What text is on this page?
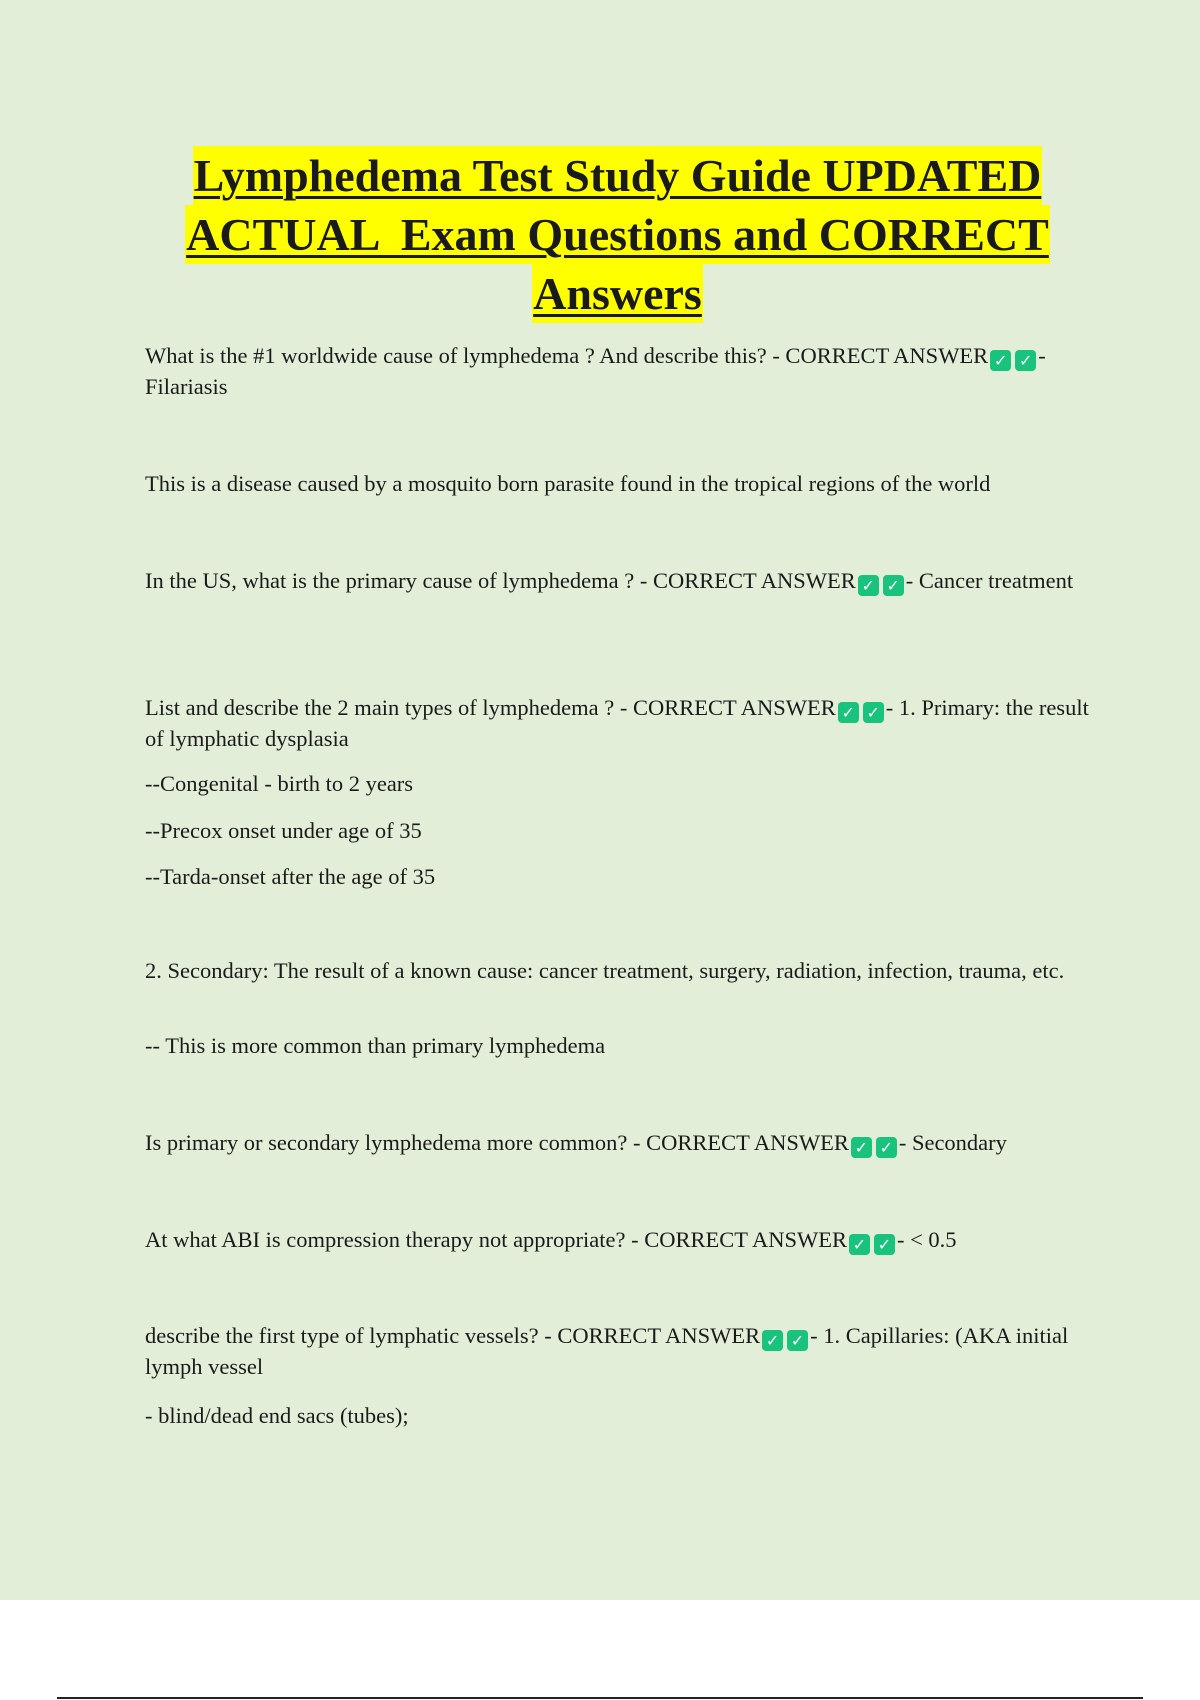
Lymphedema Test Study Guide UPDATED
ACTUAL  Exam Questions and CORRECT
Answers

What is the #1 worldwide cause of lymphedema ? And describe this? - CORRECT ANSWER ✓ ✓ - Filariasis

This is a disease caused by a mosquito born parasite found in the tropical regions of the world

In the US, what is the primary cause of lymphedema ? - CORRECT ANSWER ✓ ✓ - Cancer treatment

List and describe the 2 main types of lymphedema ? - CORRECT ANSWER ✓ ✓ - 1. Primary: the result of lymphatic dysplasia

--Congenital - birth to 2 years

--Precox onset under age of 35

--Tarda-onset after the age of 35

2. Secondary: The result of a known cause: cancer treatment, surgery, radiation, infection, trauma, etc.

-- This is more common than primary lymphedema

Is primary or secondary lymphedema more common? - CORRECT ANSWER ✓ ✓ - Secondary

At what ABI is compression therapy not appropriate? - CORRECT ANSWER ✓ ✓ - < 0.5

describe the first type of lymphatic vessels? - CORRECT ANSWER ✓ ✓ - 1. Capillaries: (AKA initial lymph vessel

- blind/dead end sacs (tubes);
